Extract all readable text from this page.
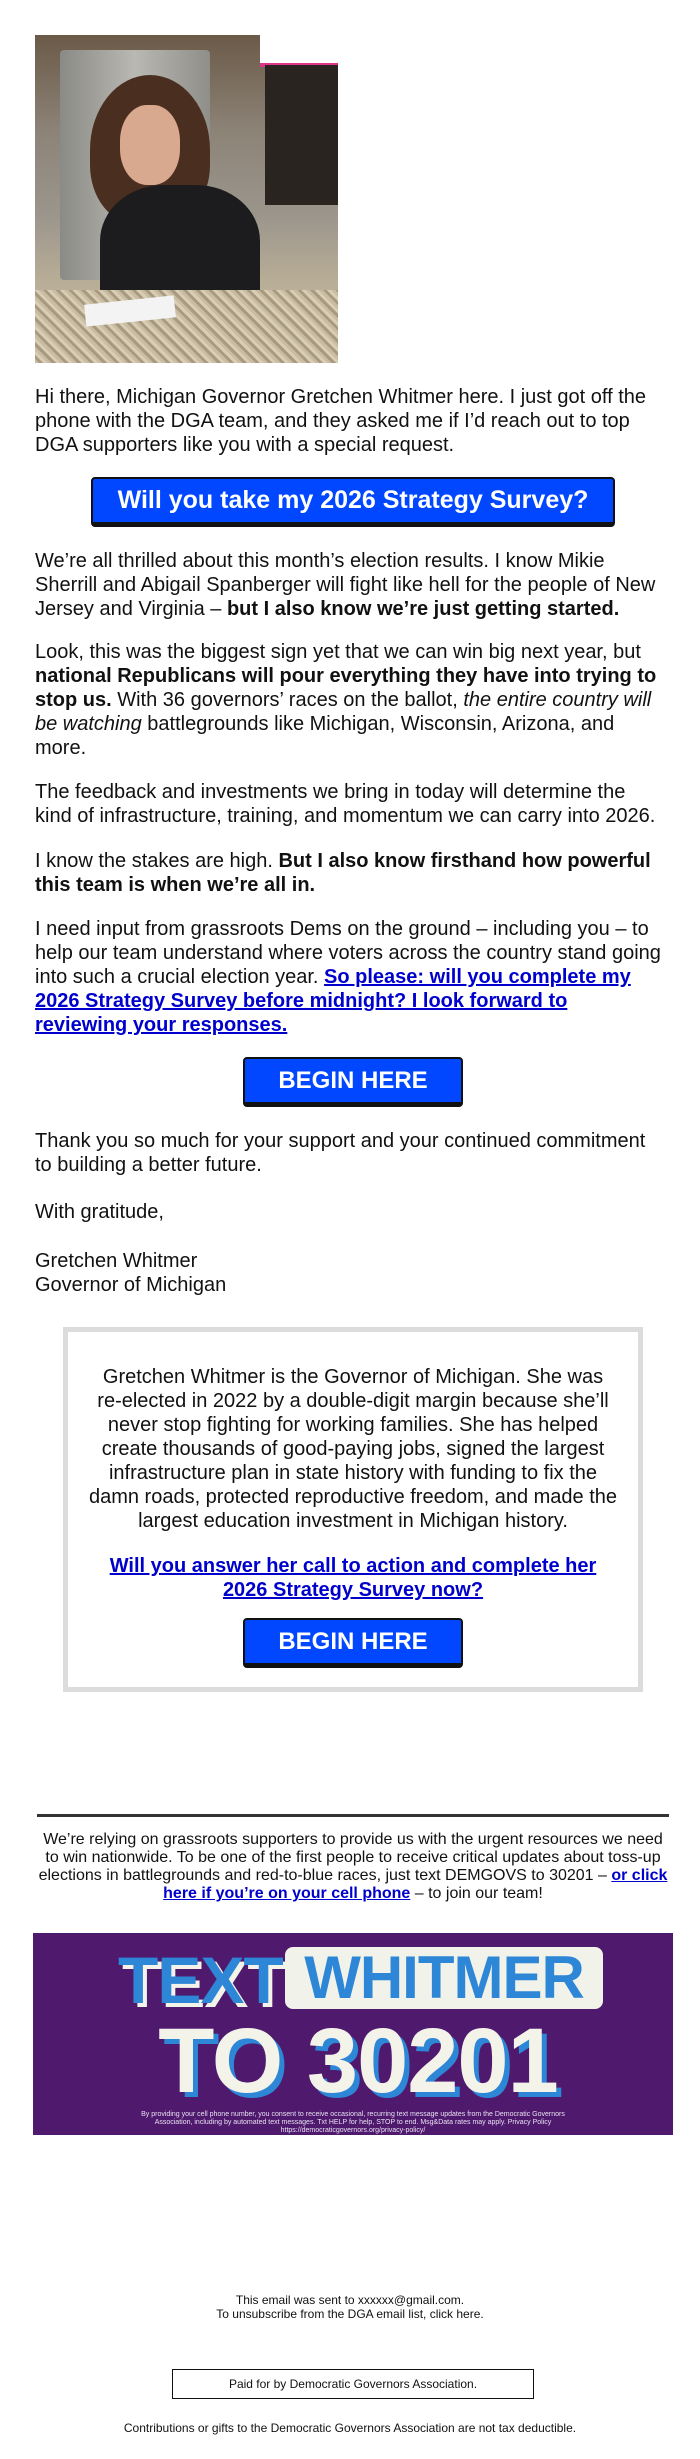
Hi there, Michigan Governor Gretchen Whitmer here. I just got off the phone with the DGA team, and they asked me if I’d reach out to top DGA supporters like you with a special request.

Will you take my 2026 Strategy Survey?

We’re all thrilled about this month’s election results. I know Mikie Sherrill and Abigail Spanberger will fight like hell for the people of New Jersey and Virginia – but I also know we’re just getting started.

Look, this was the biggest sign yet that we can win big next year, but national Republicans will pour everything they have into trying to stop us. With 36 governors’ races on the ballot, the entire country will be watching battlegrounds like Michigan, Wisconsin, Arizona, and more.

The feedback and investments we bring in today will determine the kind of infrastructure, training, and momentum we can carry into 2026.

I know the stakes are high. But I also know firsthand how powerful this team is when we’re all in.

I need input from grassroots Dems on the ground – including you – to help our team understand where voters across the country stand going into such a crucial election year. So please: will you complete my 2026 Strategy Survey before midnight? I look forward to reviewing your responses.

BEGIN HERE

Thank you so much for your support and your continued commitment to building a better future.

With gratitude,

Gretchen Whitmer

Governor of Michigan

Gretchen Whitmer is the Governor of Michigan. She was re-elected in 2022 by a double-digit margin because she’ll never stop fighting for working families. She has helped create thousands of good-paying jobs, signed the largest infrastructure plan in state history with funding to fix the damn roads, protected reproductive freedom, and made the largest education investment in Michigan history.

Will you answer her call to action and complete her 2026 Strategy Survey now?

BEGIN HERE

We’re relying on grassroots supporters to provide us with the urgent resources we need to win nationwide. To be one of the first people to receive critical updates about toss-up elections in battlegrounds and red-to-blue races, just text DEMGOVS to 30201 – or click here if you’re on your cell phone – to join our team!

TEXT WHITMER
TO 30201

By providing your cell phone number, you consent to receive occasional, recurring text message updates from the Democratic Governors Association, including by automated text messages. Txt HELP for help, STOP to end. Msg&Data rates may apply. Privacy Policy https://democraticgovernors.org/privacy-policy/

This email was sent to xxxxxx@gmail.com.

To unsubscribe from the DGA email list, click here.

Paid for by Democratic Governors Association.

Contributions or gifts to the Democratic Governors Association are not tax deductible.
